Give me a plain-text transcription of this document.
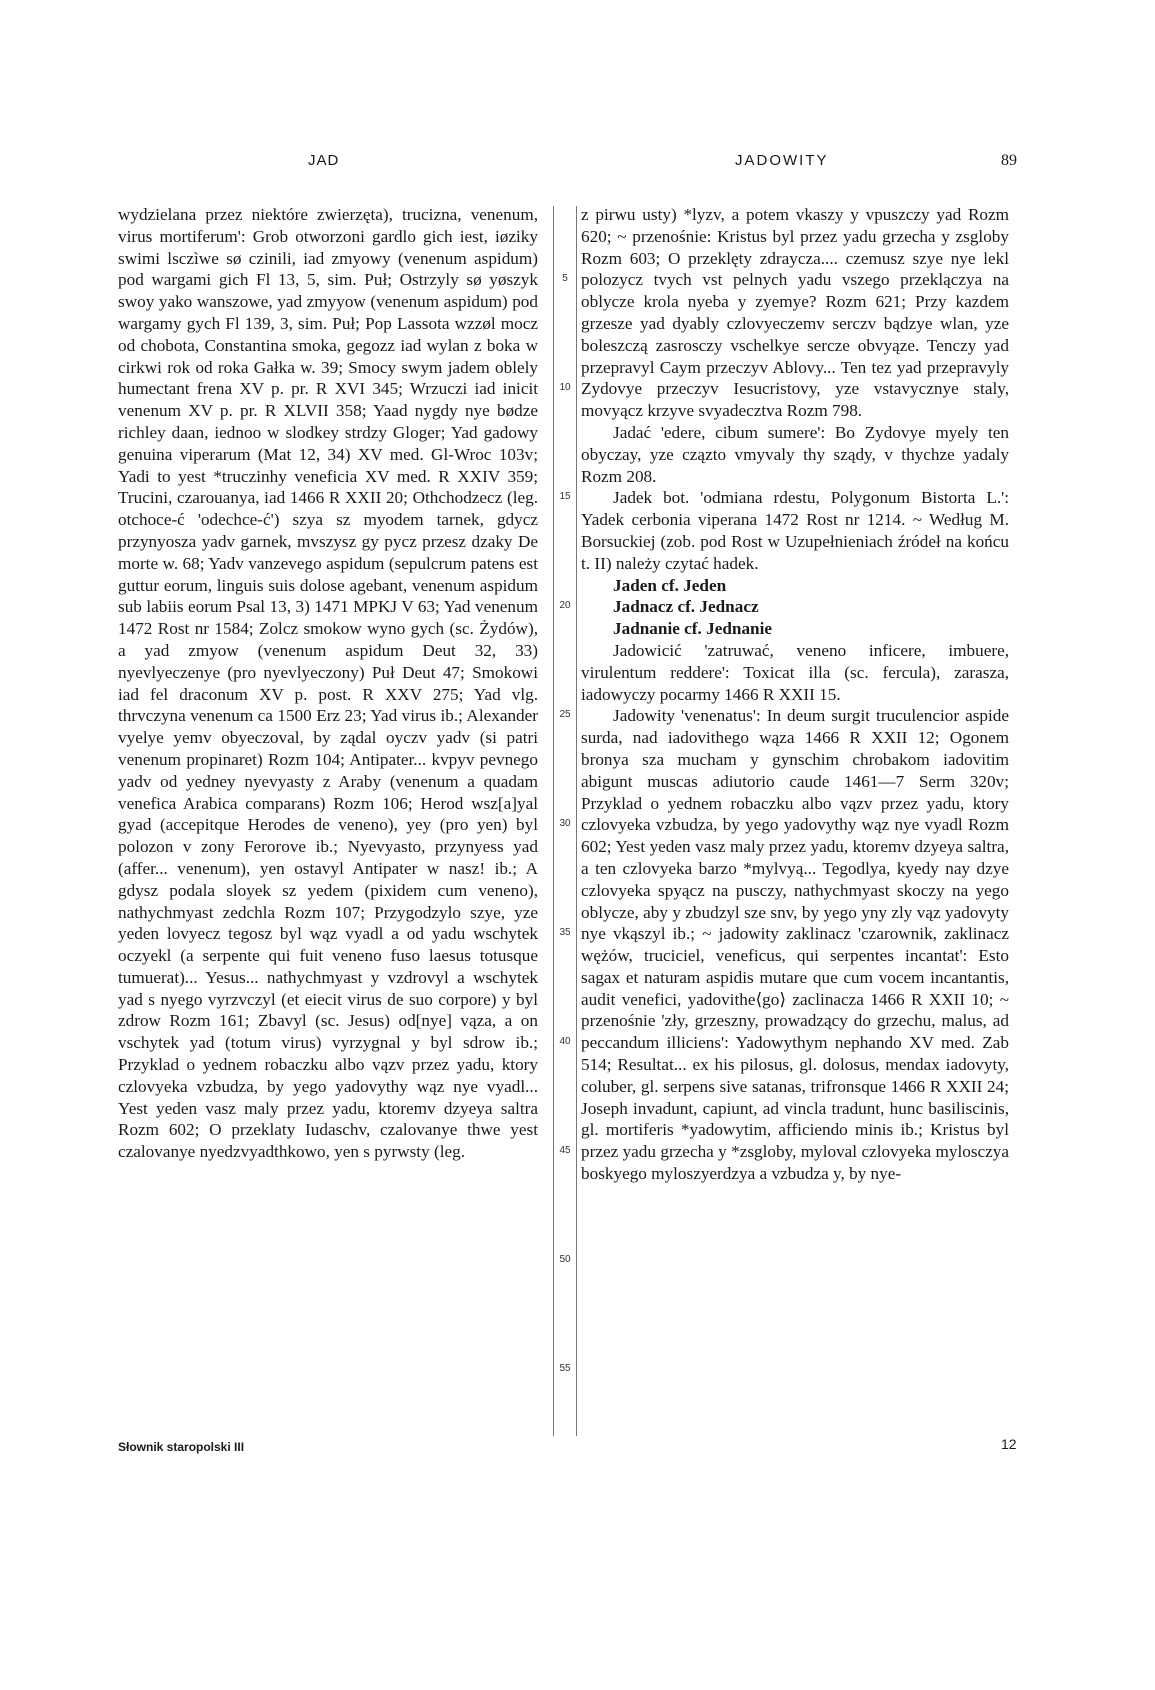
JAD	JADOWITY	89

wydzielana przez niektóre zwierzęta), trucizna, venenum, virus mortiferum': Grob otworzoni gardlo gich iest, iøziky swimi lsczìwe sø czinili, iad zmyowy (venenum aspidum) pod wargami gich Fl 13, 5, sim. Puł; Ostrzyly sø yøszyk swoy yako wanszowe, yad zmyyow (venenum aspidum) pod wargamy gych Fl 139, 3, sim. Puł; Pop Lassota wzzøl mocz od chobota, Constantina smoka, gegozz iad wylan z boka w cirkwi rok od roka Gałka w. 39; Smocy swym jadem oblely humectant frena XV p. pr. R XVI 345; Wrzuczi iad inicit venenum XV p. pr. R XLVII 358; Yaad nygdy nye bødze richley daan, iednoo w slodkey strdzy Gloger; Yad gadowy genuina viperarum (Mat 12, 34) XV med. Gl-Wroc 103v; Yadi to yest *truczinhy veneficia XV med. R XXIV 359; Trucini, czarouanya, iad 1466 R XXII 20; Othchodzecz (leg. otchoce-ć 'odechce-ć') szya sz myodem tarnek, gdycz przynyosza yadv garnek, mvszysz gy pycz przesz dzaky De morte w. 68; Yadv vanzevego aspidum (sepulcrum patens est guttur eorum, linguis suis dolose agebant, venenum aspidum sub labiis eorum Psal 13, 3) 1471 MPKJ V 63; Yad venenum 1472 Rost nr 1584; Zolcz smokow wyno gych (sc. Żydów), a yad zmyow (venenum aspidum Deut 32, 33) nyevlyeczenye (pro nyevlyeczony) Puł Deut 47; Smokowi iad fel draconum XV p. post. R XXV 275; Yad vlg. thrvczyna venenum ca 1500 Erz 23; Yad virus ib.; Alexander vyelye yemv obyeczoval, by ządal oyczv yadv (si patri venenum propinaret) Rozm 104; Antipater... kvpyv pevnego yadv od yedney nyevyasty z Araby (venenum a quadam venefica Arabica comparans) Rozm 106; Herod wsz[a]yal gyad (accepitque Herodes de veneno), yey (pro yen) byl polozon v zony Ferorove ib.; Nyevyasto, przynyess yad (affer... venenum), yen ostavyl Antipater w nasz! ib.; A gdysz podala sloyek sz yedem (pixidem cum veneno), nathychmyast zedchla Rozm 107; Przygodzylo szye, yze yeden lovyecz tegosz byl wąz vyadl a od yadu wschytek oczyekl (a serpente qui fuit veneno fuso laesus totusque tumuerat)... Yesus... nathychmyast y vzdrovyl a wschytek yad s nyego vyrzvczyl (et eiecit virus de suo corpore) y byl zdrow Rozm 161; Zbavyl (sc. Jesus) od[nye] vąza, a on vschytek yad (totum virus) vyrzygnal y byl sdrow ib.; Przyklad o yednem robaczku albo vązv przez yadu, ktory czlovyeka vzbudza, by yego yadovythy wąz nye vyadl... Yest yeden vasz maly przez yadu, ktoremv dzyeya saltra Rozm 602; O przeklaty Iudaschv, czalovanye thwe yest czalovanye nyedzvyadthkowo, yen s pyrwsty (leg.

5
10
15
20
25
30
35
40
45
50
55

z pirwu usty) *lyzv, a potem vkaszy y vpuszczy yad Rozm 620; ~ przenośnie: Kristus byl przez yadu grzecha y zsgloby Rozm 603; O przeklęty zdraycza.... czemusz szye nye lekl polozycz tvych vst pelnych yadu vszego przeklączya na oblycze krola nyeba y zyemye? Rozm 621; Przy kazdem grzesze yad dyably czlovyeczemv serczv bądzye wlan, yze boleszczą zasrosczy vschelkye sercze obvyąze. Tenczy yad przepravyl Caym przeczyv Ablovy... Ten tez yad przepravyly Zydovye przeczyv Iesucristovy, yze vstavycznye staly, movyącz krzyve svyadecztva Rozm 798.

Jadać 'edere, cibum sumere': Bo Zydovye myely ten obyczay, yze czązto vmyvaly thy sządy, v thychze yadaly Rozm 208.

Jadek bot. 'odmiana rdestu, Polygonum Bistorta L.': Yadek cerbonia viperana 1472 Rost nr 1214. ~ Według M. Borsuckiej (zob. pod Rost w Uzupełnieniach źródeł na końcu t. II) należy czytać hadek.

Jaden cf. Jeden

Jadnacz cf. Jednacz

Jadnanie cf. Jednanie

Jadowicić 'zatruwać, veneno inficere, imbuere, virulentum reddere': Toxicat illa (sc. fercula), zarasza, iadowyczy pocarmy 1466 R XXII 15.

Jadowity 'venenatus': In deum surgit truculencior aspide surda, nad iadovithego wąza 1466 R XXII 12; Ogonem bronya sza mucham y gynschim chrobakom iadovitim abigunt muscas adiutorio caude 1461—7 Serm 320v; Przyklad o yednem robaczku albo vązv przez yadu, ktory czlovyeka vzbudza, by yego yadovythy wąz nye vyadl Rozm 602; Yest yeden vasz maly przez yadu, ktoremv dzyeya saltra, a ten czlovyeka barzo *mylvyą... Tegodlya, kyedy nay dzye czlovyeka spyącz na pusczy, nathychmyast skoczy na yego oblycze, aby y zbudzyl sze snv, by yego yny zly vąz yadovyty nye vkąszyl ib.; ~ jadowity zaklinacz 'czarownik, zaklinacz wężów, truciciel, veneficus, qui serpentes incantat': Esto sagax et naturam aspidis mutare que cum vocem incantantis, audit venefici, yadovithe⟨go⟩ zaclinacza 1466 R XXII 10; ~ przenośnie 'zły, grzeszny, prowadzący do grzechu, malus, ad peccandum illiciens': Yadowythym nephando XV med. Zab 514; Resultat... ex his pilosus, gl. dolosus, mendax iadovyty, coluber, gl. serpens sive satanas, trifronsque 1466 R XXII 24; Joseph invadunt, capiunt, ad vincla tradunt, hunc basiliscinis, gl. mortiferis *yadowytim, afficiendo minis ib.; Kristus byl przez yadu grzecha y *zsgloby, myloval czlovyeka mylosczya boskyego myloszyerdzya a vzbudza y, by nye-

Słownik staropolski III	12
